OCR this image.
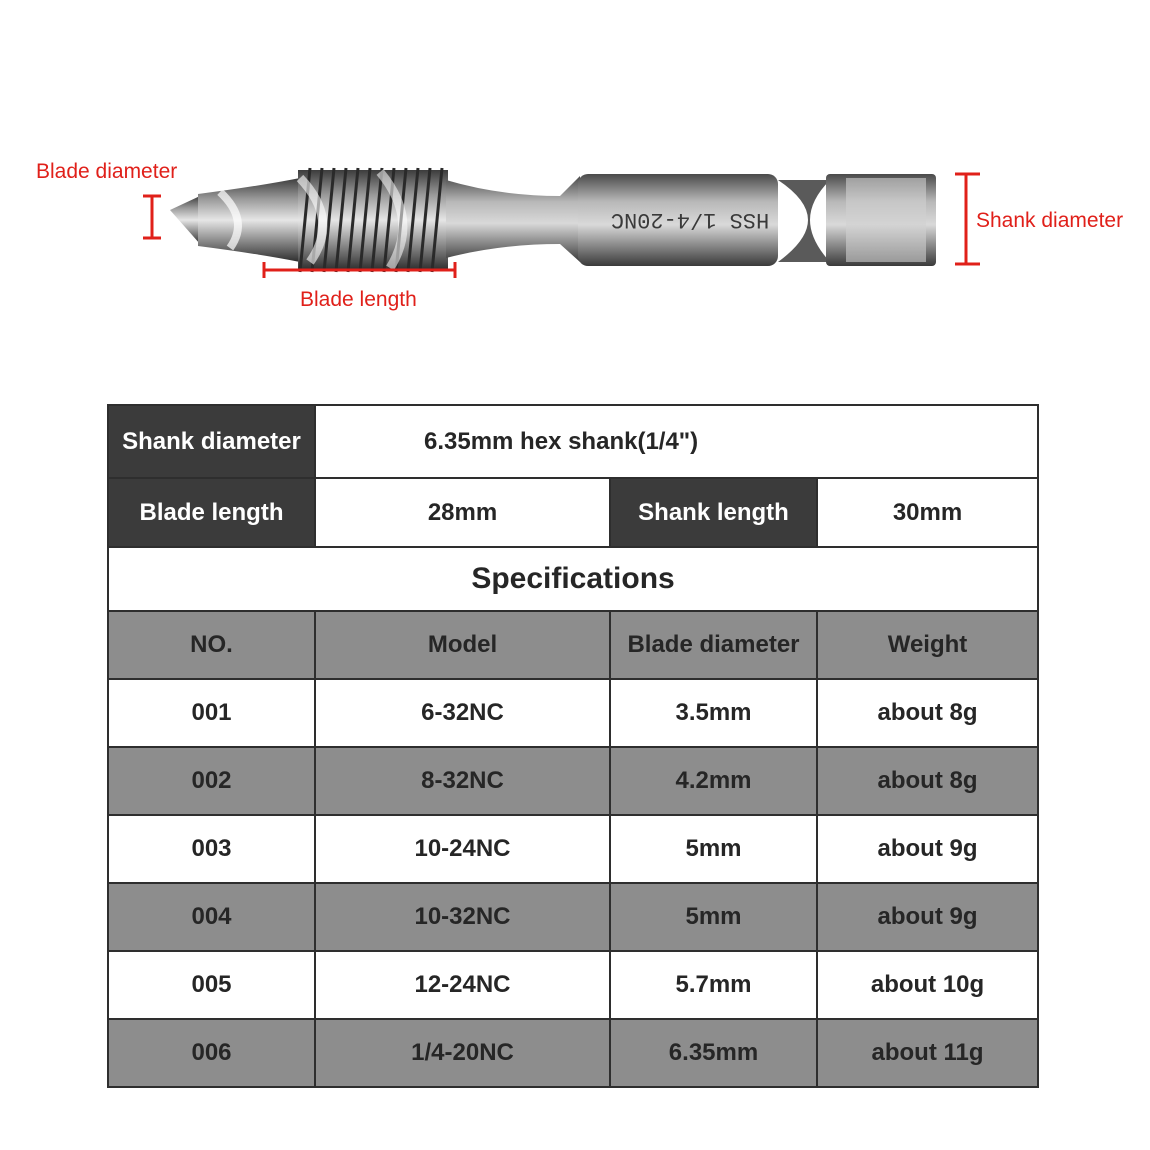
HSS 1/4-20NC
Blade diameter
Blade length
Shank diameter
Shank diameter	6.35mm hex shank(1/4")		
Blade length	28mm	Shank length	30mm
Specifications			
NO.	Model	Blade diameter	Weight
001	6-32NC	3.5mm	about 8g
002	8-32NC	4.2mm	about 8g
003	10-24NC	5mm	about 9g
004	10-32NC	5mm	about 9g
005	12-24NC	5.7mm	about 10g
006	1/4-20NC	6.35mm	about 11g
